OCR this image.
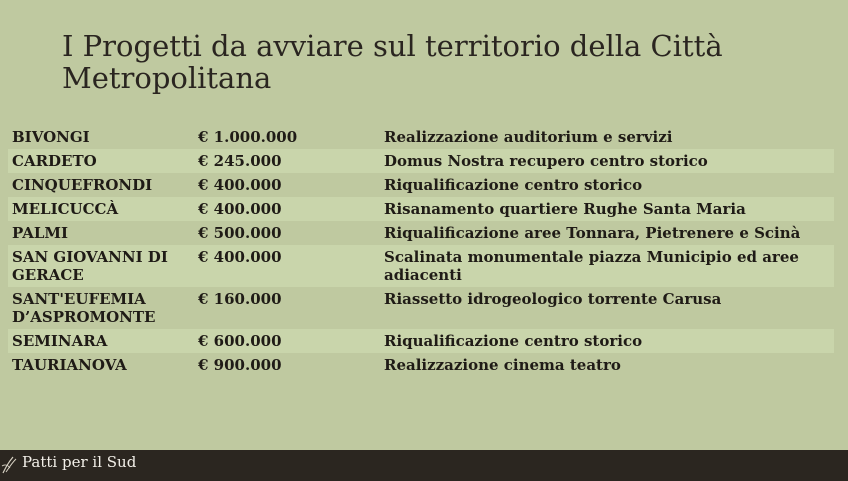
I Progetti da avviare sul territorio della Città Metropolitana
BIVONGI	€ 1.000.000	Realizzazione auditorium e servizi
CARDETO	€ 245.000	Domus Nostra recupero centro storico
CINQUEFRONDI	€ 400.000	Riqualificazione centro storico
MELICUCCÀ	€ 400.000	Risanamento quartiere Rughe Santa Maria
PALMI	€ 500.000	Riqualificazione aree Tonnara, Pietrenere e Scinà
SAN GIOVANNI DI GERACE	€ 400.000	Scalinata monumentale piazza Municipio ed aree adiacenti
SANT'EUFEMIA D’ASPROMONTE	€ 160.000	Riassetto idrogeologico torrente Carusa
SEMINARA	€ 600.000	Riqualificazione centro storico
TAURIANOVA	€ 900.000	Realizzazione cinema teatro
Patti per il Sud
